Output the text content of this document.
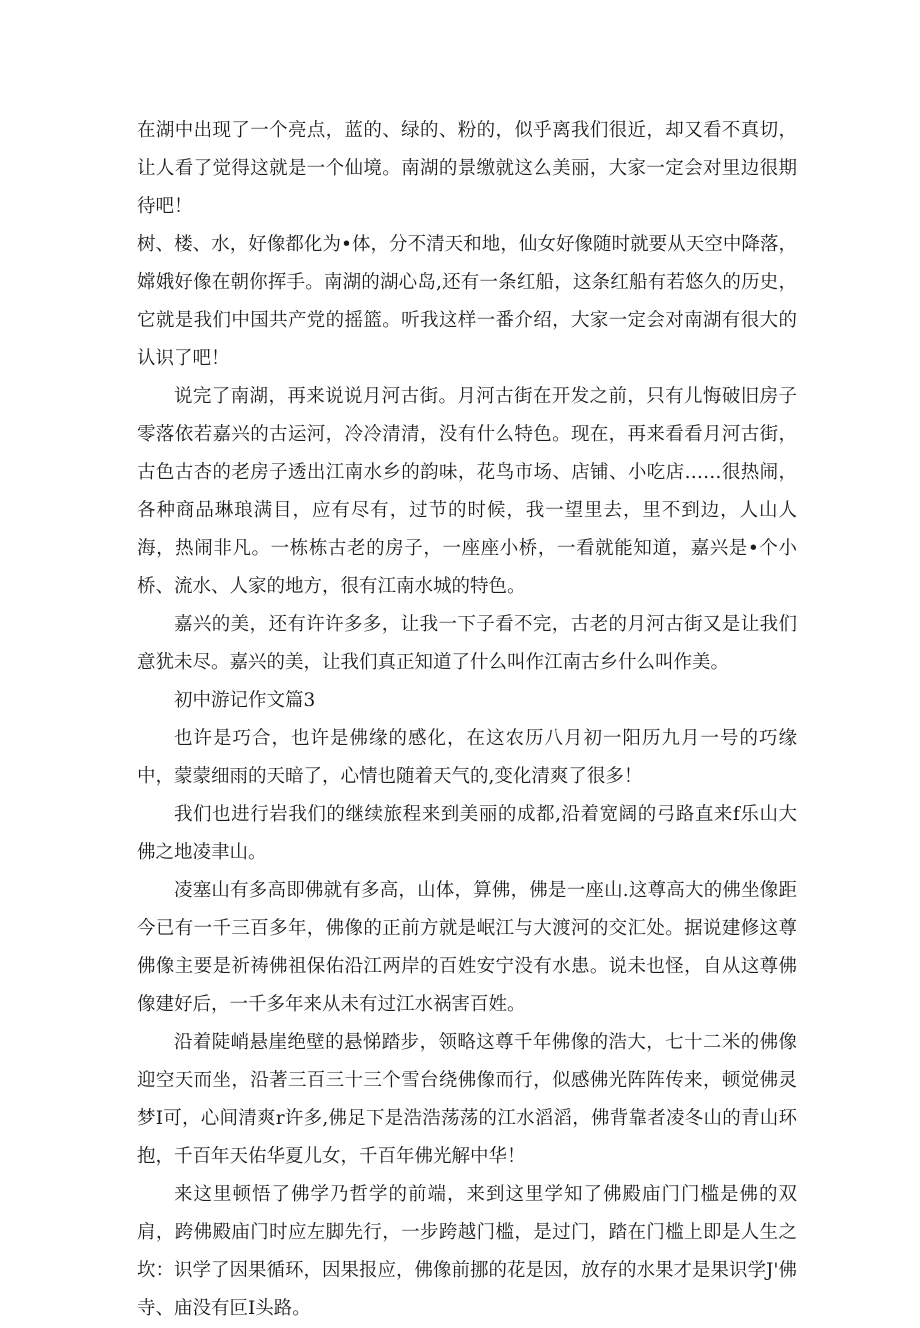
在湖中出现了一个亮点，蓝的、绿的、粉的，似乎离我们很近，却又看不真切，让人看了觉得这就是一个仙境。南湖的景缴就这么美丽，大家一定会对里边很期待吧！

树、楼、水，好像都化为•体，分不清天和地，仙女好像随时就要从天空中降落，嫦娥好像在朝你挥手。南湖的湖心岛,还有一条红船，这条红船有若悠久的历史，它就是我们中国共产党的摇篮。听我这样一番介绍，大家一定会对南湖有很大的认识了吧！

说完了南湖，再来说说月河古街。月河古街在开发之前，只有儿悔破旧房子零落依若嘉兴的古运河，冷冷清清，没有什么特色。现在，再来看看月河古街，古色古杏的老房子透出江南水乡的韵味，花鸟市场、店铺、小吃店……很热闹，各种商品琳琅满目，应有尽有，过节的时候，我一望里去，里不到边，人山人海，热闹非凡。一栋栋古老的房子，一座座小桥，一看就能知道，嘉兴是•个小桥、流水、人家的地方，很有江南水城的特色。

嘉兴的美，还有许许多多，让我一下子看不完，古老的月河古街又是让我们意犹未尽。嘉兴的美，让我们真正知道了什么叫作江南古乡什么叫作美。

初中游记作文篇3

也许是巧合，也许是佛缘的感化，在这农历八月初一阳历九月一号的巧缘中，蒙蒙细雨的天暗了，心情也随着天气的,变化清爽了很多！

我们也进行岩我们的继续旅程来到美丽的成都,沿着宽阔的弓路直来f乐山大佛之地凌聿山。

凌塞山有多高即佛就有多高，山体，算佛，佛是一座山.这尊高大的佛坐像距今已有一千三百多年，佛像的正前方就是岷江与大渡河的交汇处。据说建修这尊佛像主要是祈祷佛祖保佑沿江两岸的百姓安宁没有水患。说未也怪，自从这尊佛像建好后，一千多年来从未有过江水祸害百姓。

沿着陡峭悬崖绝壁的悬悌踏步，领略这尊千年佛像的浩大，七十二米的佛像迎空天而坐，沿著三百三十三个雪台绕佛像而行，似感佛光阵阵传来，顿觉佛灵梦I可，心间清爽r许多,佛足下是浩浩荡荡的江水滔滔，佛背靠者凌冬山的青山环抱，千百年天佑华夏儿女，千百年佛光解中华！

来这里顿悟了佛学乃哲学的前端，来到这里学知了佛殿庙门门槛是佛的双肩，跨佛殿庙门时应左脚先行，一步跨越门槛，是过门，踏在门槛上即是人生之坎：识学了因果循环，因果报应，佛像前挪的花是因，放存的水果才是果识学J'佛寺、庙没有叵I头路。
